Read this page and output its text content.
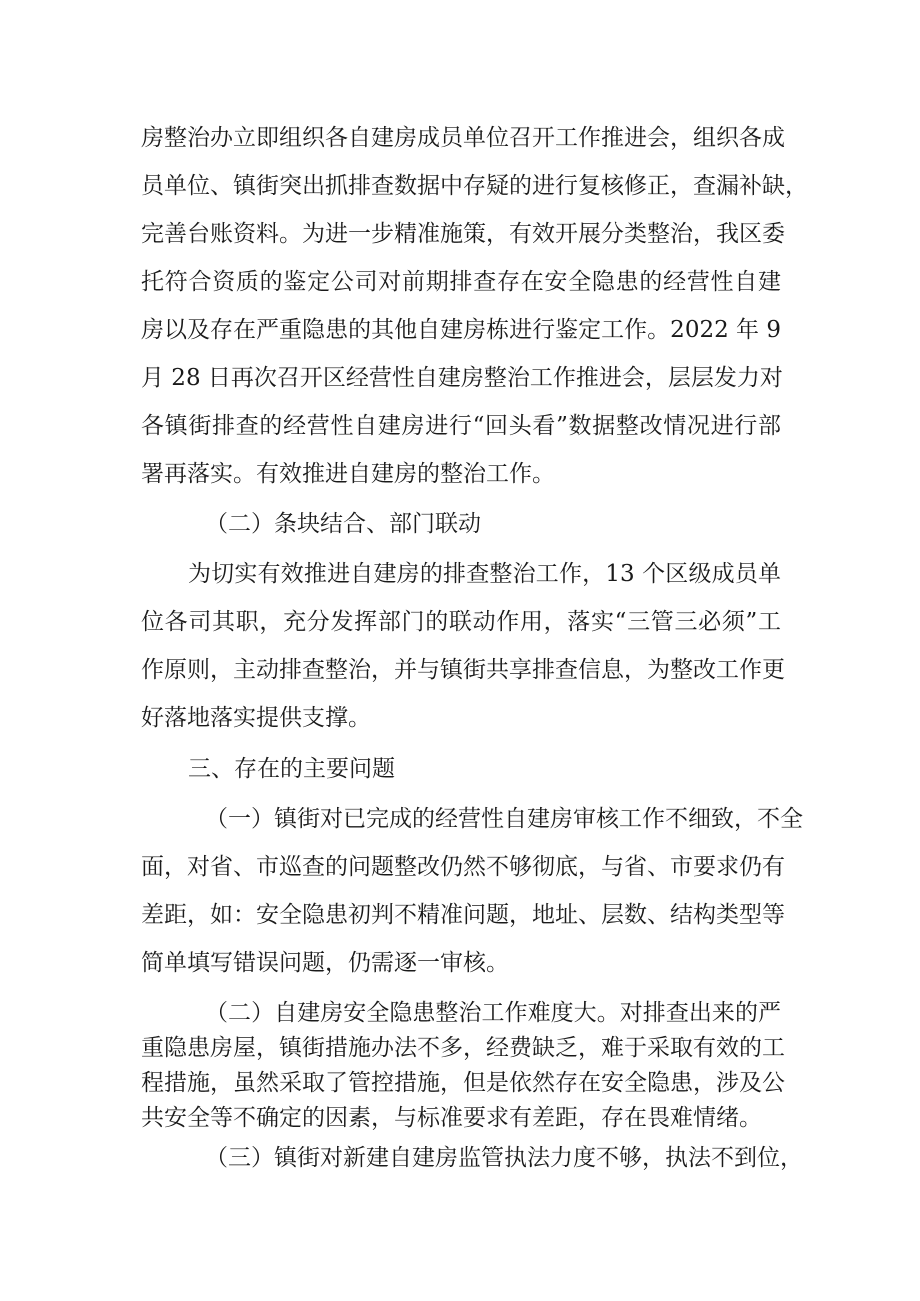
房整治办立即组织各自建房成员单位召开工作推进会，组织各成
员单位、镇街突出抓排查数据中存疑的进行复核修正，查漏补缺，
完善台账资料。为进一步精准施策，有效开展分类整治，我区委
托符合资质的鉴定公司对前期排查存在安全隐患的经营性自建
房以及存在严重隐患的其他自建房栋进行鉴定工作。2022 年 9
月 28 日再次召开区经营性自建房整治工作推进会，层层发力对
各镇街排查的经营性自建房进行“回头看”数据整改情况进行部
署再落实。有效推进自建房的整治工作。
（二）条块结合、部门联动
为切实有效推进自建房的排查整治工作，13 个区级成员单
位各司其职，充分发挥部门的联动作用，落实“三管三必须”工
作原则，主动排查整治，并与镇街共享排查信息，为整改工作更
好落地落实提供支撑。
三、存在的主要问题
（一）镇街对已完成的经营性自建房审核工作不细致，不全
面，对省、市巡查的问题整改仍然不够彻底，与省、市要求仍有
差距，如：安全隐患初判不精准问题，地址、层数、结构类型等
简单填写错误问题，仍需逐一审核。
（二）自建房安全隐患整治工作难度大。对排查出来的严
重隐患房屋，镇街措施办法不多，经费缺乏，难于采取有效的工
程措施，虽然采取了管控措施，但是依然存在安全隐患，涉及公
共安全等不确定的因素，与标准要求有差距，存在畏难情绪。
（三）镇街对新建自建房监管执法力度不够，执法不到位，
